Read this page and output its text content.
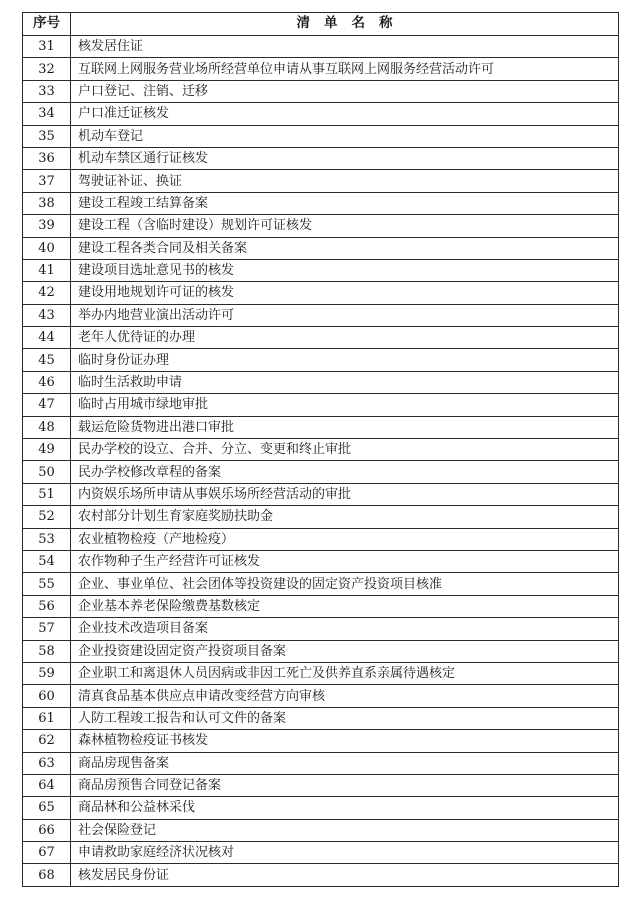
序号	清单名称
31	核发居住证
32	互联网上网服务营业场所经营单位申请从事互联网上网服务经营活动许可
33	户口登记、注销、迁移
34	户口准迁证核发
35	机动车登记
36	机动车禁区通行证核发
37	驾驶证补证、换证
38	建设工程竣工结算备案
39	建设工程（含临时建设）规划许可证核发
40	建设工程各类合同及相关备案
41	建设项目选址意见书的核发
42	建设用地规划许可证的核发
43	举办内地营业演出活动许可
44	老年人优待证的办理
45	临时身份证办理
46	临时生活救助申请
47	临时占用城市绿地审批
48	载运危险货物进出港口审批
49	民办学校的设立、合并、分立、变更和终止审批
50	民办学校修改章程的备案
51	内资娱乐场所申请从事娱乐场所经营活动的审批
52	农村部分计划生育家庭奖励扶助金
53	农业植物检疫（产地检疫）
54	农作物种子生产经营许可证核发
55	企业、事业单位、社会团体等投资建设的固定资产投资项目核准
56	企业基本养老保险缴费基数核定
57	企业技术改造项目备案
58	企业投资建设固定资产投资项目备案
59	企业职工和离退休人员因病或非因工死亡及供养直系亲属待遇核定
60	清真食品基本供应点申请改变经营方向审核
61	人防工程竣工报告和认可文件的备案
62	森林植物检疫证书核发
63	商品房现售备案
64	商品房预售合同登记备案
65	商品林和公益林采伐
66	社会保险登记
67	申请救助家庭经济状况核对
68	核发居民身份证
